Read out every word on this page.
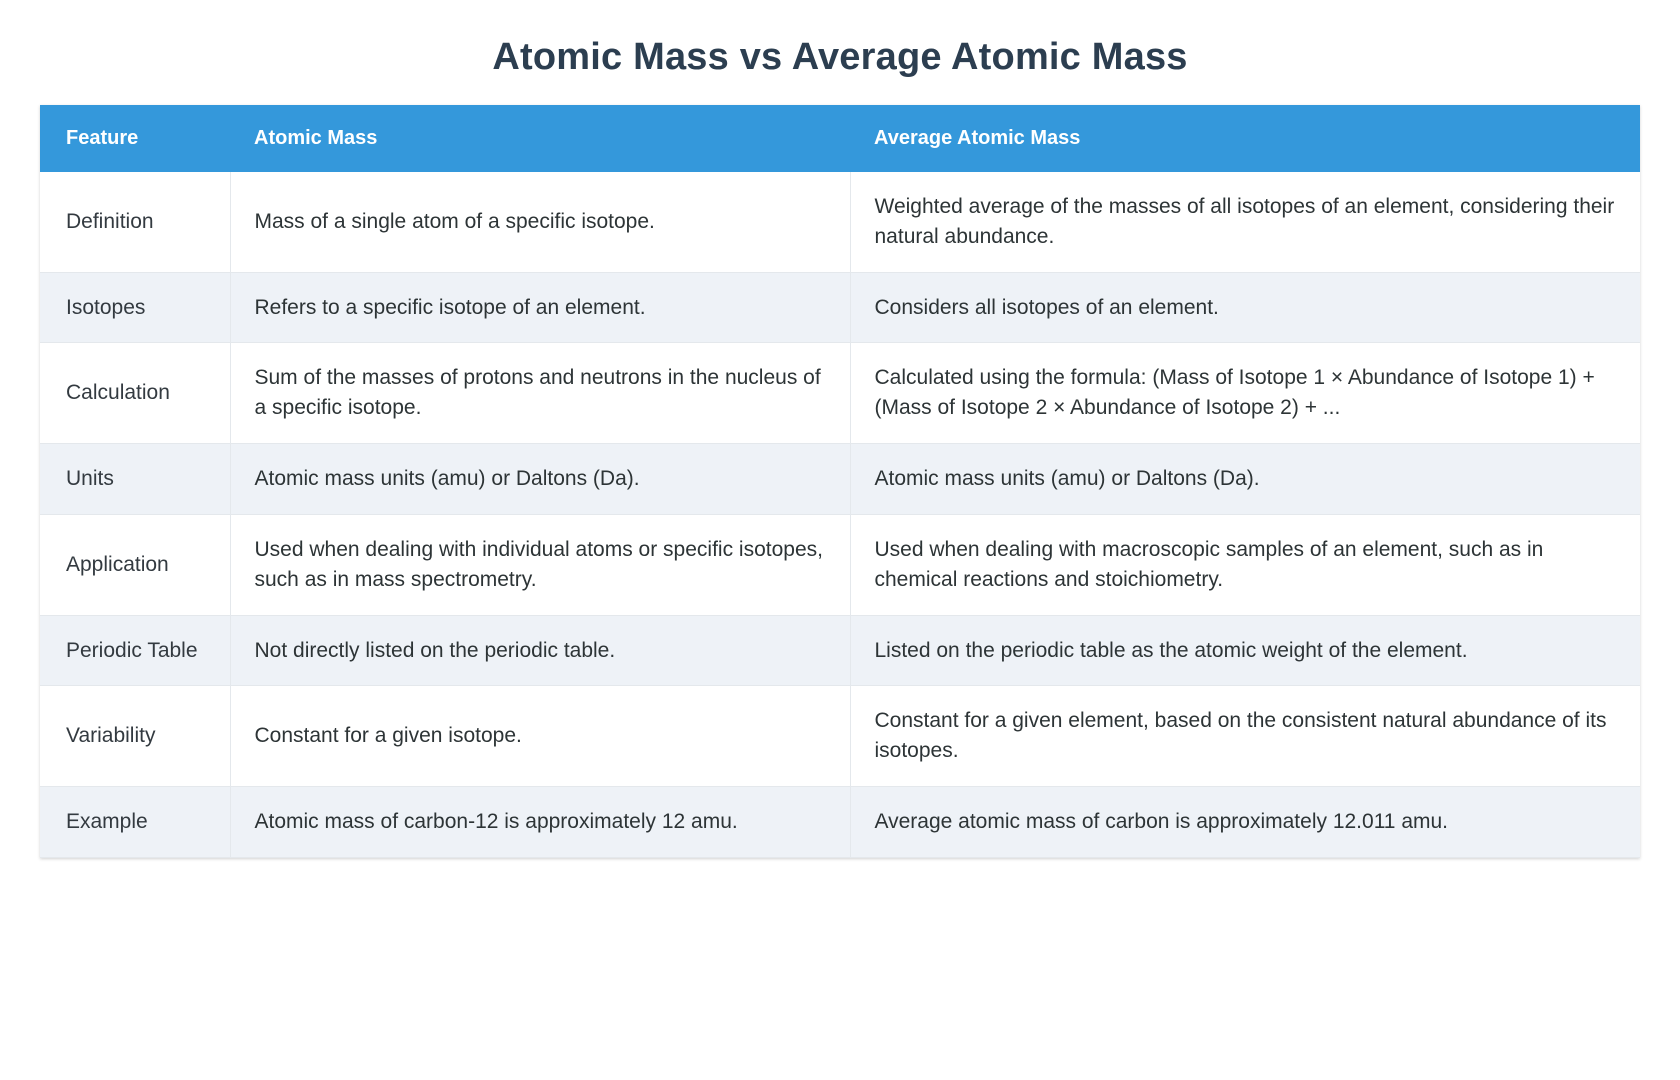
Atomic Mass vs Average Atomic Mass
Feature	Atomic Mass	Average Atomic Mass
Definition	Mass of a single atom of a specific isotope.	Weighted average of the masses of all isotopes of an element, considering their natural abundance.
Isotopes	Refers to a specific isotope of an element.	Considers all isotopes of an element.
Calculation	Sum of the masses of protons and neutrons in the nucleus of a specific isotope.	Calculated using the formula: (Mass of Isotope 1 × Abundance of Isotope 1) + (Mass of Isotope 2 × Abundance of Isotope 2) + ...
Units	Atomic mass units (amu) or Daltons (Da).	Atomic mass units (amu) or Daltons (Da).
Application	Used when dealing with individual atoms or specific isotopes, such as in mass spectrometry.	Used when dealing with macroscopic samples of an element, such as in chemical reactions and stoichiometry.
Periodic Table	Not directly listed on the periodic table.	Listed on the periodic table as the atomic weight of the element.
Variability	Constant for a given isotope.	Constant for a given element, based on the consistent natural abundance of its isotopes.
Example	Atomic mass of carbon-12 is approximately 12 amu.	Average atomic mass of carbon is approximately 12.011 amu.
